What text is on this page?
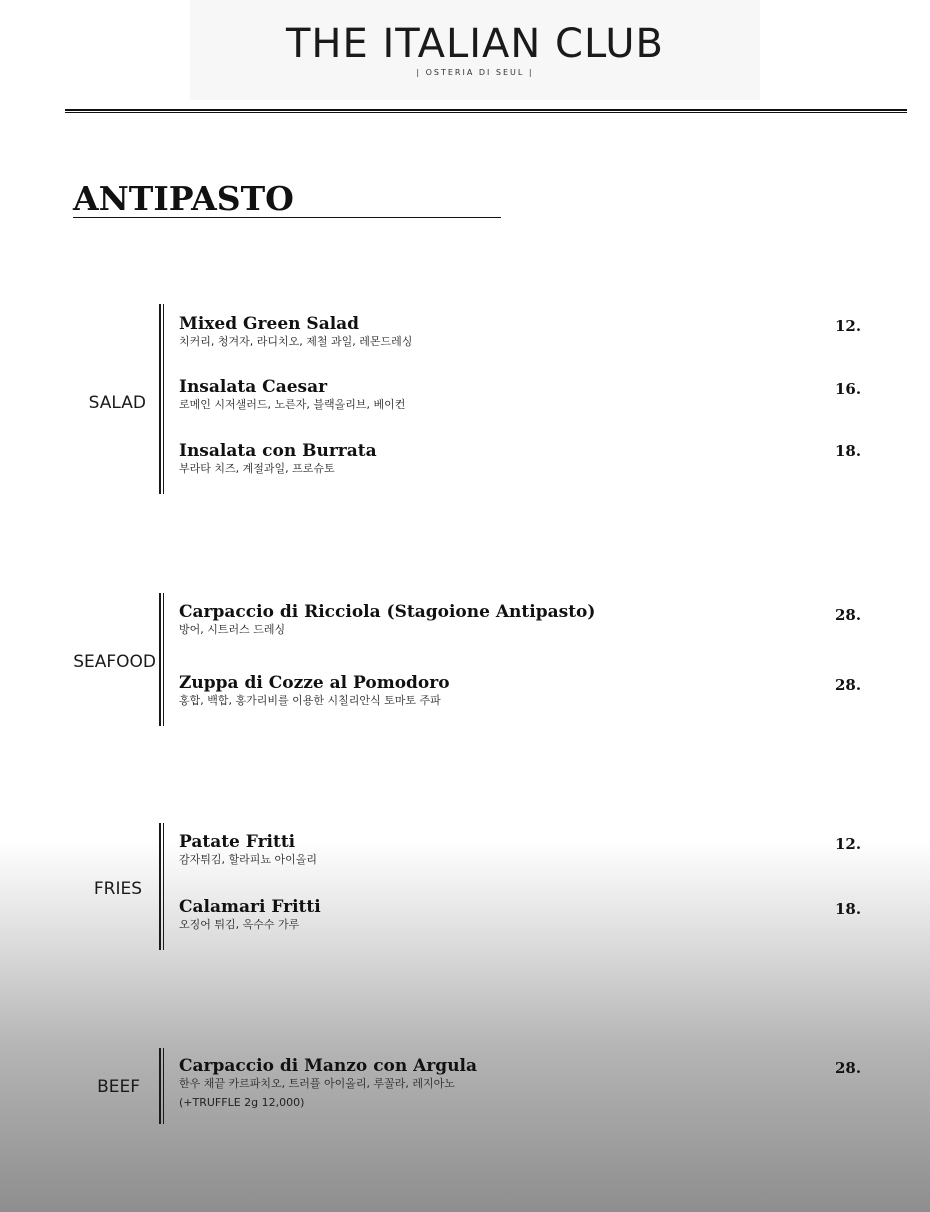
THE ITALIAN CLUB
| OSTERIA DI SEUL |
ANTIPASTO
SALAD
Mixed Green Salad
치커리, 청겨자, 라디치오, 제철 과일, 레몬드레싱
12.
Insalata Caesar
로메인 시저샐러드, 노른자, 블랙올리브, 베이컨
16.
Insalata con Burrata
부라타 치즈, 계절과일, 프로슈토
18.
SEAFOOD
Carpaccio di Ricciola (Stagoione Antipasto)
방어, 시트러스 드레싱
28.
Zuppa di Cozze al Pomodoro
홍합, 백합, 홍가리비를 이용한 시칠리안식 토마토 주파
28.
FRIES
Patate Fritti
감자튀김, 할라피뇨 아이올리
12.
Calamari Fritti
오징어 튀김, 옥수수 가루
18.
BEEF
Carpaccio di Manzo con Argula
한우 채끝 카르파치오, 트러플 아이올리, 루꼴라, 레지아노
(+TRUFFLE 2g 12,000)
28.
